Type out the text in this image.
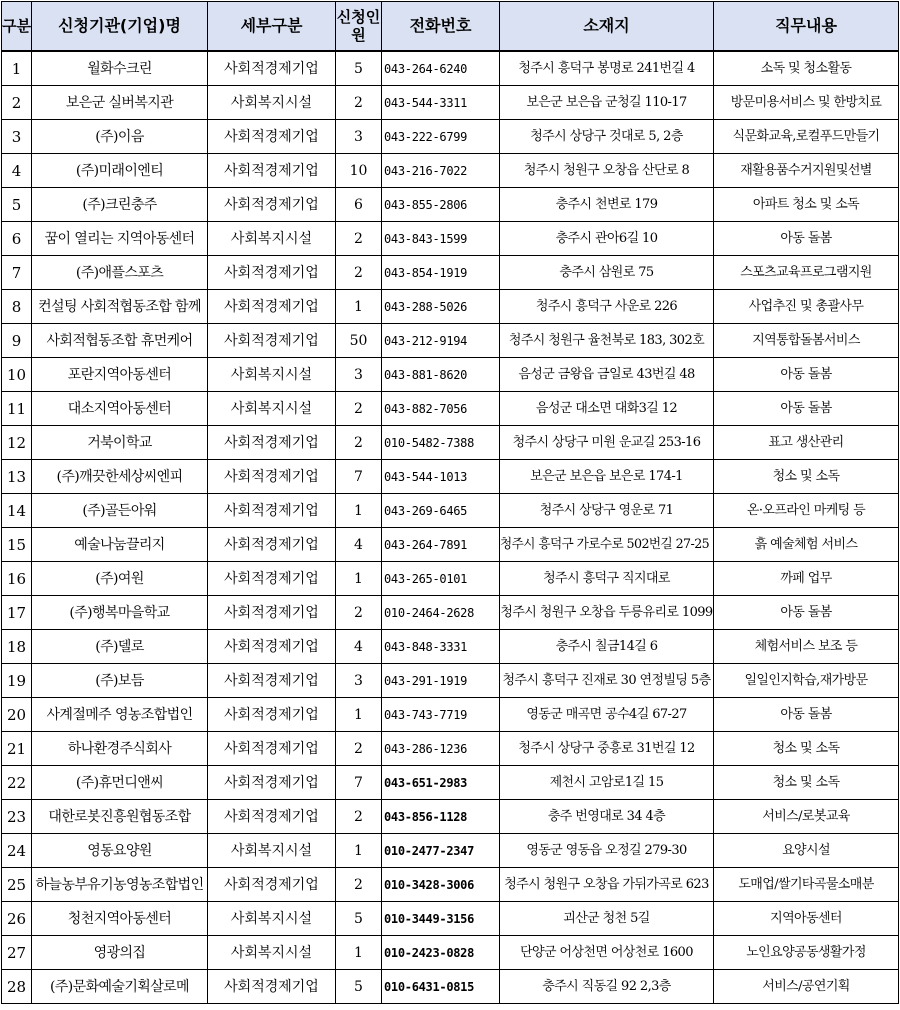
구분	신청기관(기업)명	세부구분	신청인원	전화번호	소재지	직무내용
1	월화수크린	사회적경제기업	5	043-264-6240	청주시 흥덕구 봉명로 241번길 4	소독 및 청소활동
2	보은군 실버복지관	사회복지시설	2	043-544-3311	보은군 보은읍 군청길 110-17	방문미용서비스 및 한방치료
3	(주)이음	사회적경제기업	3	043-222-6799	청주시 상당구 것대로 5, 2층	식문화교육,로컬푸드만들기
4	(주)미래이엔티	사회적경제기업	10	043-216-7022	청주시 청원구 오창읍 산단로 8	재활용품수거지원및선별
5	(주)크린충주	사회적경제기업	6	043-855-2806	충주시 천변로 179	아파트 청소 및 소독
6	꿈이 열리는 지역아동센터	사회복지시설	2	043-843-1599	충주시 관아6길 10	아동 돌봄
7	(주)애플스포츠	사회적경제기업	2	043-854-1919	충주시 삼원로 75	스포츠교육프로그램지원
8	컨설팅 사회적협동조합 함께	사회적경제기업	1	043-288-5026	청주시 흥덕구 사운로 226	사업추진 및 총괄사무
9	사회적협동조합 휴먼케어	사회적경제기업	50	043-212-9194	청주시 청원구 율천북로 183, 302호	지역통합돌봄서비스
10	포란지역아동센터	사회복지시설	3	043-881-8620	음성군 금왕읍 금일로 43번길 48	아동 돌봄
11	대소지역아동센터	사회복지시설	2	043-882-7056	음성군 대소면 대화3길 12	아동 돌봄
12	거북이학교	사회적경제기업	2	010-5482-7388	청주시 상당구 미원 운교길 253-16	표고 생산관리
13	(주)깨끗한세상씨엔피	사회적경제기업	7	043-544-1013	보은군 보은읍 보은로 174-1	청소 및 소독
14	(주)골든아워	사회적경제기업	1	043-269-6465	청주시 상당구 영운로 71	온·오프라인 마케팅 등
15	예술나눔끌리지	사회적경제기업	4	043-264-7891	청주시 흥덕구 가로수로 502번길 27-25	흙 예술체험 서비스
16	(주)여원	사회적경제기업	1	043-265-0101	청주시 흥덕구 직지대로	까페 업무
17	(주)행복마을학교	사회적경제기업	2	010-2464-2628	청주시 청원구 오창읍 두릉유리로 1099	아동 돌봄
18	(주)델로	사회적경제기업	4	043-848-3331	충주시 칠금14길 6	체험서비스 보조 등
19	(주)보듬	사회적경제기업	3	043-291-1919	청주시 흥덕구 진재로 30 연정빌딩 5층	일일인지학습,재가방문
20	사계절메주 영농조합법인	사회적경제기업	1	043-743-7719	영동군 매곡면 공수4길 67-27	아동 돌봄
21	하나환경주식회사	사회적경제기업	2	043-286-1236	청주시 상당구 중흥로 31번길 12	청소 및 소독
22	(주)휴먼디앤씨	사회적경제기업	7	043-651-2983	제천시 고암로1길 15	청소 및 소독
23	대한로봇진흥원협동조합	사회적경제기업	2	043-856-1128	충주 번영대로 34 4층	서비스/로봇교육
24	영동요양원	사회복지시설	1	010-2477-2347	영동군 영동읍 오정길 279-30	요양시설
25	하늘농부유기농영농조합법인	사회적경제기업	2	010-3428-3006	청주시 청원구 오창읍 가뒤가곡로 623	도매업/쌀기타곡물소매분
26	청천지역아동센터	사회복지시설	5	010-3449-3156	괴산군 청천 5길	지역아동센터
27	영광의집	사회복지시설	1	010-2423-0828	단양군 어상천면 어상천로 1600	노인요양공동생활가정
28	(주)문화예술기획살로메	사회적경제기업	5	010-6431-0815	충주시 직동길 92 2,3층	서비스/공연기획
